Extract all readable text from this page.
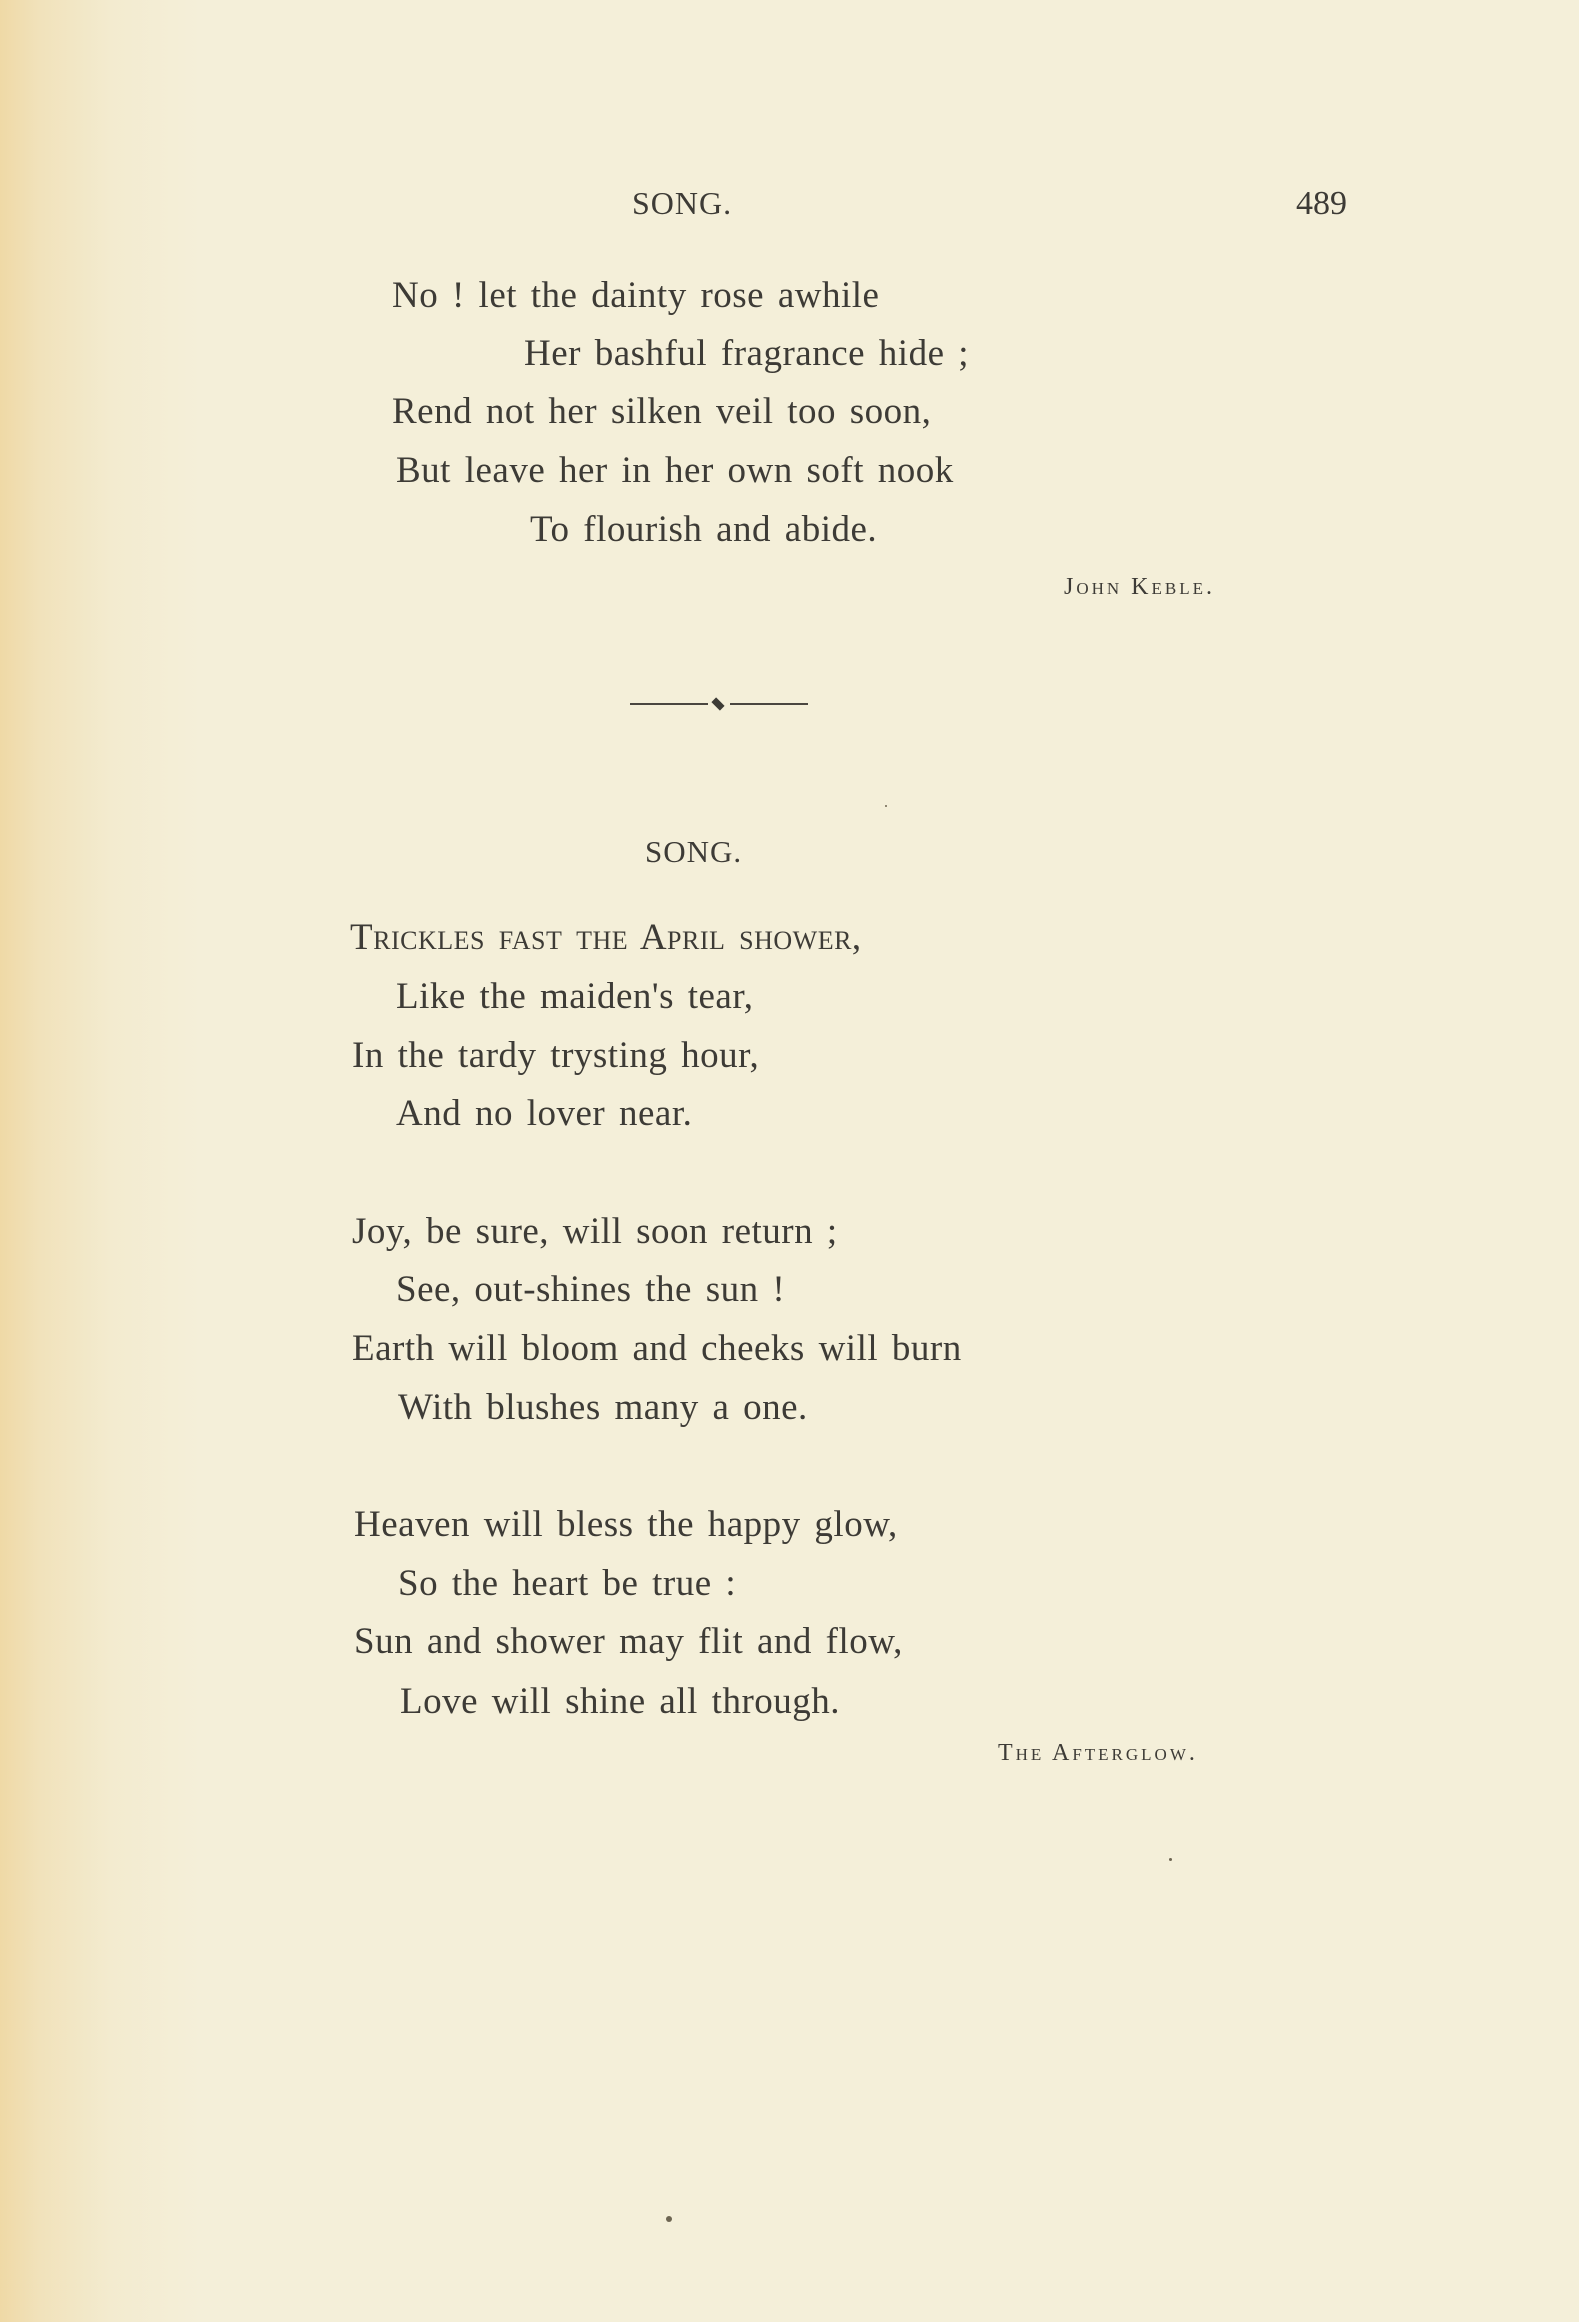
SONG.	489
No ! let the dainty rose awhile
Her bashful fragrance hide ;
Rend not her silken veil too soon,
But leave her in her own soft nook
To flourish and abide.
John Keble.
SONG.
Trickles fast the April shower,
Like the maiden's tear,
In the tardy trysting hour,
And no lover near.
Joy, be sure, will soon return ;
See, out-shines the sun !
Earth will bloom and cheeks will burn
With blushes many a one.
Heaven will bless the happy glow,
So the heart be true :
Sun and shower may flit and flow,
Love will shine all through.
The Afterglow.
